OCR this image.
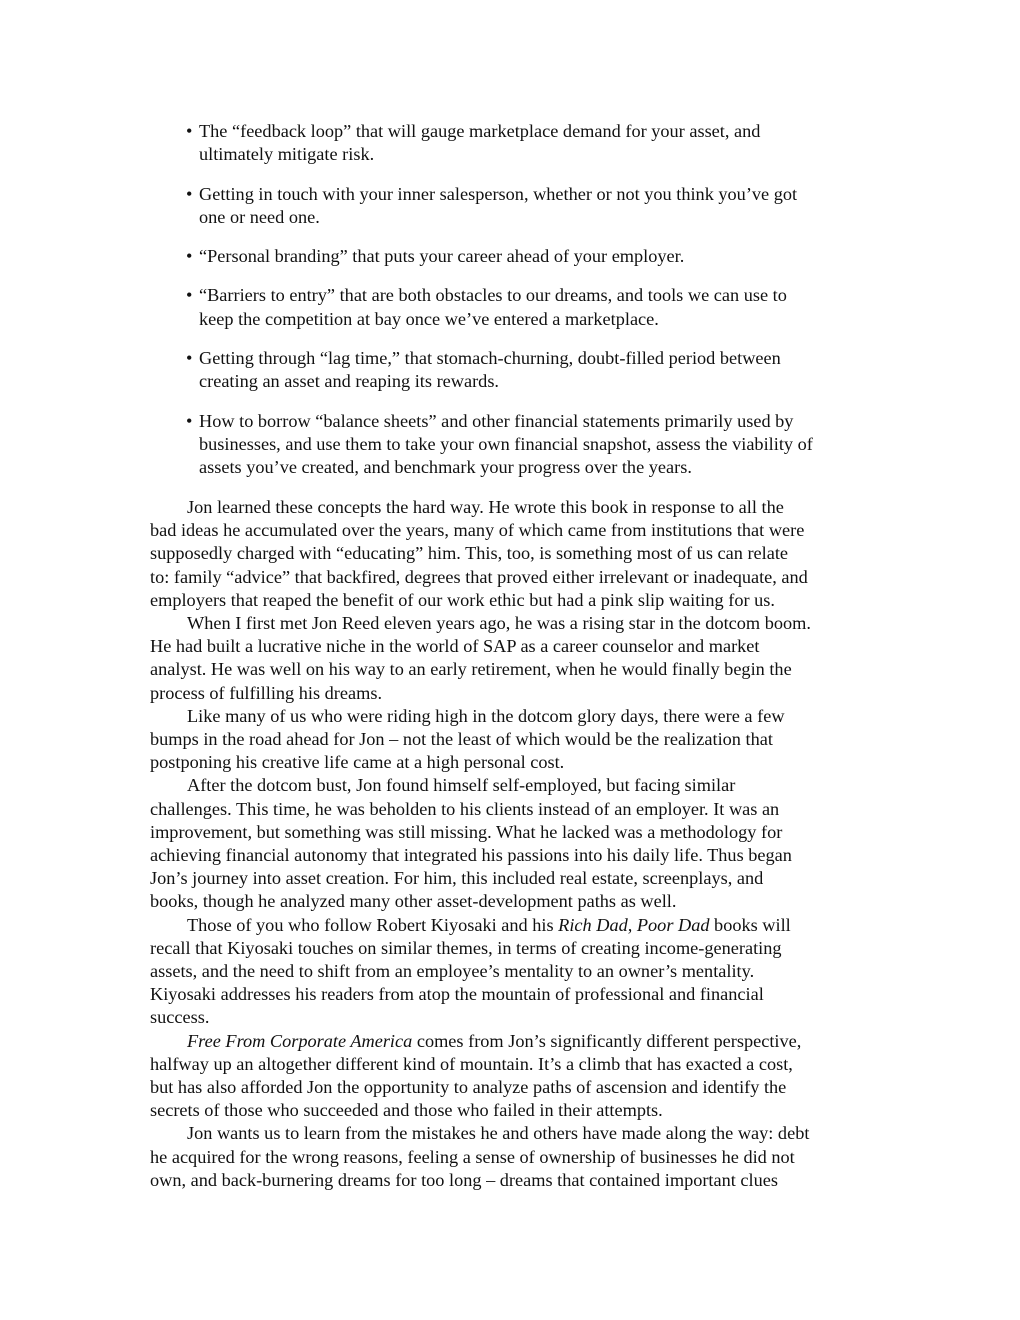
• The “feedback loop” that will gauge marketplace demand for your asset, and
ultimately mitigate risk.
• Getting in touch with your inner salesperson, whether or not you think you’ve got
one or need one.
• “Personal branding” that puts your career ahead of your employer.
• “Barriers to entry” that are both obstacles to our dreams, and tools we can use to
keep the competition at bay once we’ve entered a marketplace.
• Getting through “lag time,” that stomach-churning, doubt-filled period between
creating an asset and reaping its rewards.
• How to borrow “balance sheets” and other financial statements primarily used by
businesses, and use them to take your own financial snapshot, assess the viability of
assets you’ve created, and benchmark your progress over the years.

Jon learned these concepts the hard way. He wrote this book in response to all the
bad ideas he accumulated over the years, many of which came from institutions that were
supposedly charged with “educating” him. This, too, is something most of us can relate
to: family “advice” that backfired, degrees that proved either irrelevant or inadequate, and
employers that reaped the benefit of our work ethic but had a pink slip waiting for us.

When I first met Jon Reed eleven years ago, he was a rising star in the dotcom boom.
He had built a lucrative niche in the world of SAP as a career counselor and market
analyst. He was well on his way to an early retirement, when he would finally begin the
process of fulfilling his dreams.

Like many of us who were riding high in the dotcom glory days, there were a few
bumps in the road ahead for Jon – not the least of which would be the realization that
postponing his creative life came at a high personal cost.

After the dotcom bust, Jon found himself self-employed, but facing similar
challenges. This time, he was beholden to his clients instead of an employer. It was an
improvement, but something was still missing. What he lacked was a methodology for
achieving financial autonomy that integrated his passions into his daily life. Thus began
Jon’s journey into asset creation. For him, this included real estate, screenplays, and
books, though he analyzed many other asset-development paths as well.

Those of you who follow Robert Kiyosaki and his Rich Dad, Poor Dad books will
recall that Kiyosaki touches on similar themes, in terms of creating income-generating
assets, and the need to shift from an employee’s mentality to an owner’s mentality.
Kiyosaki addresses his readers from atop the mountain of professional and financial
success.

Free From Corporate America comes from Jon’s significantly different perspective,
halfway up an altogether different kind of mountain. It’s a climb that has exacted a cost,
but has also afforded Jon the opportunity to analyze paths of ascension and identify the
secrets of those who succeeded and those who failed in their attempts.

Jon wants us to learn from the mistakes he and others have made along the way: debt
he acquired for the wrong reasons, feeling a sense of ownership of businesses he did not
own, and back-burnering dreams for too long – dreams that contained important clues
